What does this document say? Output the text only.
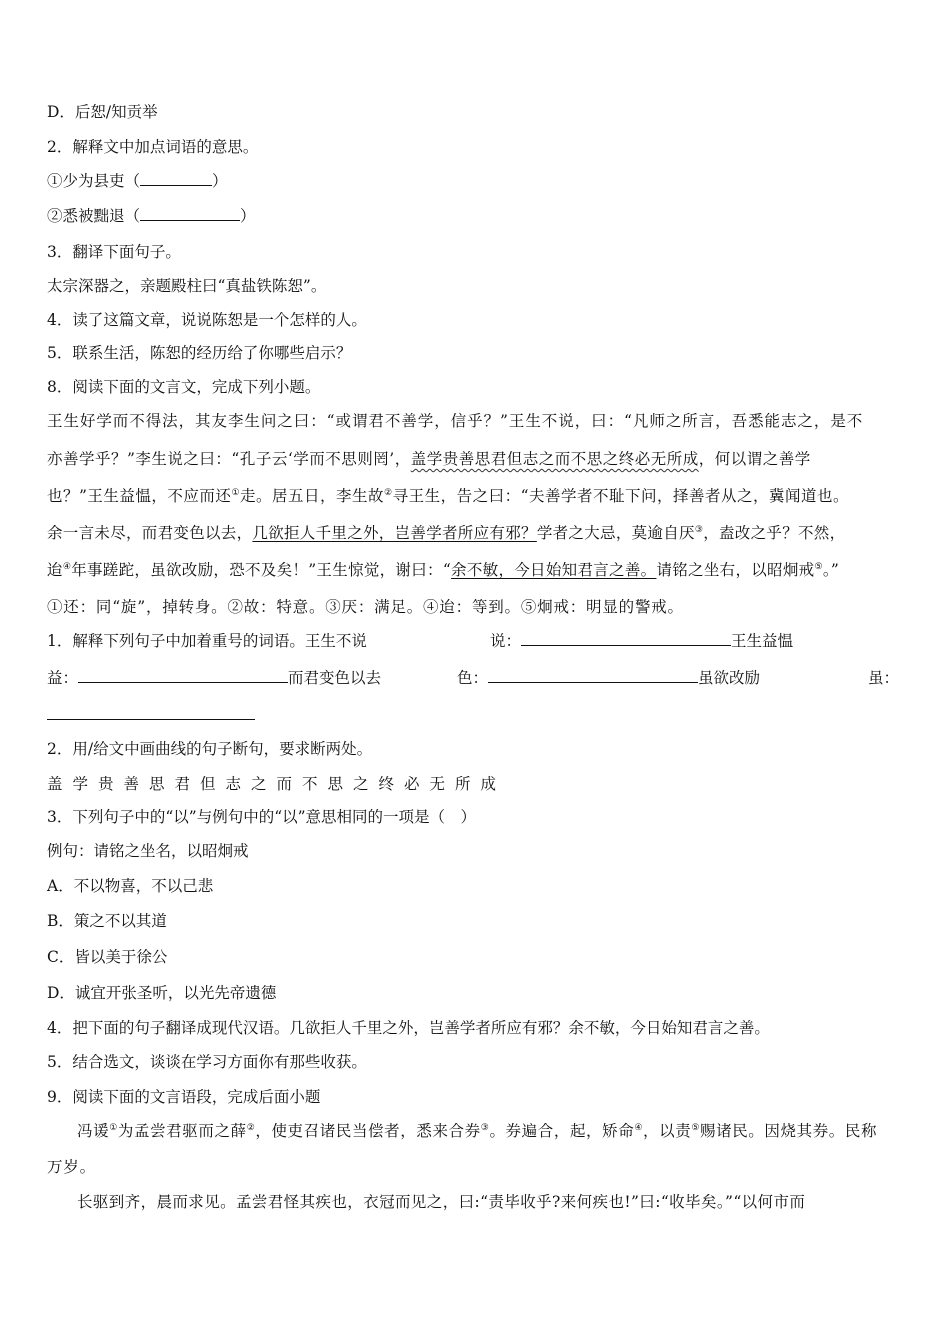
D．后恕/知贡举
2．解释文中加点词语的意思。
①少为县吏（	）
②悉被黜退（	）
3．翻译下面句子。
太宗深器之，亲题殿柱曰“真盐铁陈恕”。
4．读了这篇文章，说说陈恕是一个怎样的人。
5．联系生活，陈恕的经历给了你哪些启示？
8．阅读下面的文言文，完成下列小题。
王生好学而不得法，其友李生问之曰：“或谓君不善学，信乎？”王生不说，曰：“凡师之所言，吾悉能志之，是不
亦善学乎？”李生说之曰：“孔子云‘学而不思则罔’，盖学贵善思君但志之而不思之终必无所成，何以谓之善学
也？”王生益愠，不应而还①走。居五日，李生故②寻王生，告之曰：“夫善学者不耻下问，择善者从之，冀闻道也。
余一言未尽，而君变色以去，几欲拒人千里之外，岂善学者所应有邪？学者之大忌，莫逾自厌③，盍改之乎？不然，
迨④年事蹉跎，虽欲改励，恐不及矣！”王生惊觉，谢曰：“余不敏，今日始知君言之善。请铭之坐右，以昭炯戒⑤。”
①还：同“旋”，掉转身。②故：特意。③厌：满足。④迨：等到。⑤炯戒：明显的警戒。
1．解释下列句子中加着重号的词语。王生不说	说：	王生益愠
益：	而君变色以去	色：	虽欲改励	虽：
2．用/给文中画曲线的句子断句，要求断两处。
盖学贵善思君但志之而不思之终必无所成
3．下列句子中的“以”与例句中的“以”意思相同的一项是（　）
例句：请铭之坐名，以昭炯戒
A．不以物喜，不以己悲
B．策之不以其道
C．皆以美于徐公
D．诚宜开张圣听，以光先帝遗德
4．把下面的句子翻译成现代汉语。几欲拒人千里之外，岂善学者所应有邪？余不敏，今日始知君言之善。
5．结合选文，谈谈在学习方面你有那些收获。
9．阅读下面的文言语段，完成后面小题
冯谖①为孟尝君驱而之薛②，使吏召诸民当偿者，悉来合券③。券遍合，起，矫命④，以责⑤赐诸民。因烧其券。民称
万岁。
长驱到齐，晨而求见。孟尝君怪其疾也，衣冠而见之，曰:“责毕收乎?来何疾也!”曰:“收毕矣。”“以何市而
